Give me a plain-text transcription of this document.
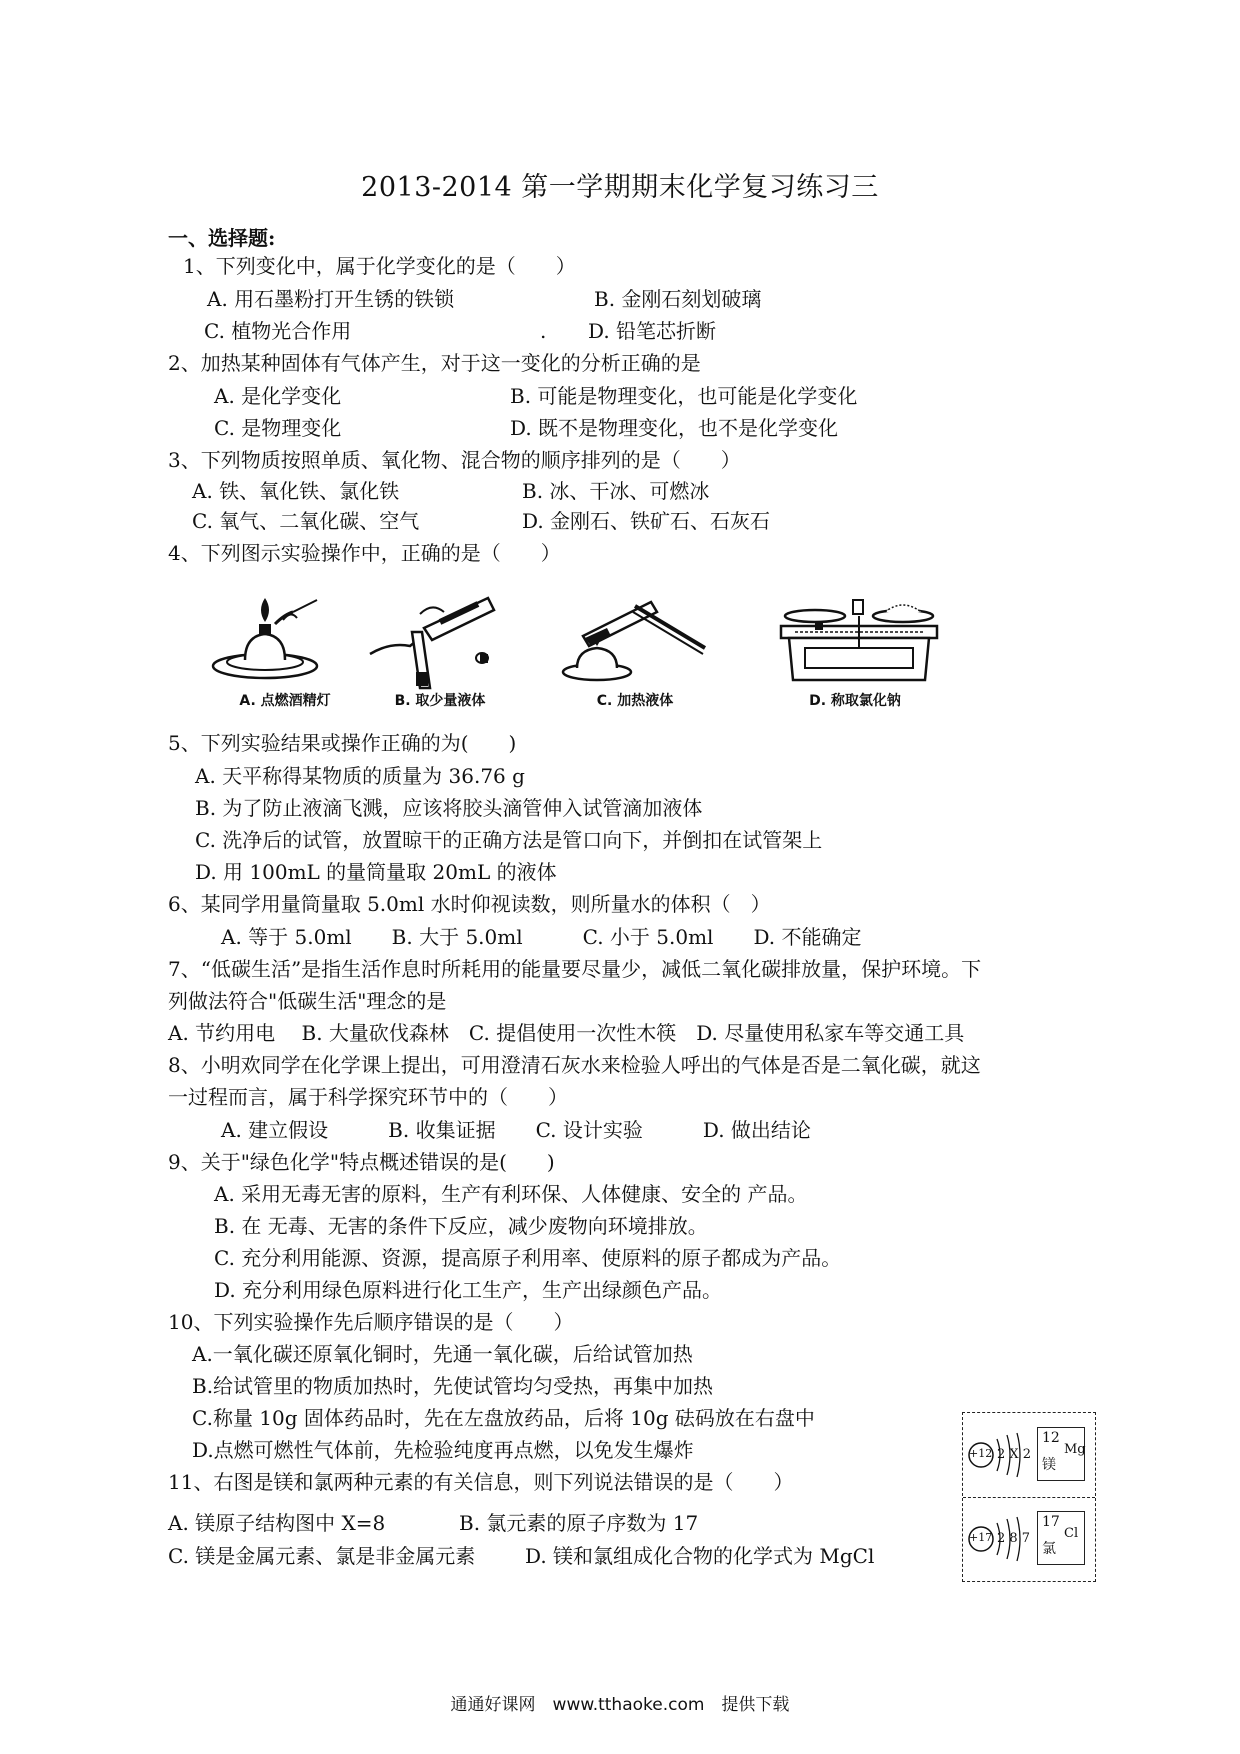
2013-2014 第一学期期末化学复习练习三
一、选择题:
1、下列变化中，属于化学变化的是（　　）
A. 用石墨粉打开生锈的铁锁	B. 金刚石刻划破璃
C. 植物光合作用	. D. 铅笔芯折断
2、加热某种固体有气体产生，对于这一变化的分析正确的是
A. 是化学变化	B. 可能是物理变化，也可能是化学变化
C. 是物理变化	D. 既不是物理变化，也不是化学变化
3、下列物质按照单质、氧化物、混合物的顺序排列的是（　　）
A. 铁、氧化铁、氯化铁	B. 冰、干冰、可燃冰
C. 氧气、二氧化碳、空气	D. 金刚石、铁矿石、石灰石
4、下列图示实验操作中，正确的是（　　）
A. 点燃酒精灯	B. 取少量液体	C. 加热液体	D. 称取氯化钠
5、下列实验结果或操作正确的为(　　)
A. 天平称得某物质的质量为 36.76 g
B. 为了防止液滴飞溅，应该将胶头滴管伸入试管滴加液体
C. 洗净后的试管，放置晾干的正确方法是管口向下，并倒扣在试管架上
D. 用 100mL 的量筒量取 20mL 的液体
6、某同学用量筒量取 5.0ml 水时仰视读数，则所量水的体积（　）
A. 等于 5.0ml　　B. 大于 5.0ml　　　C. 小于 5.0ml　　D. 不能确定
7、“低碳生活”是指生活作息时所耗用的能量要尽量少，减低二氧化碳排放量，保护环境。下
列做法符合"低碳生活"理念的是
A. 节约用电　 B. 大量砍伐森林　C. 提倡使用一次性木筷　D. 尽量使用私家车等交通工具
8、小明欢同学在化学课上提出，可用澄清石灰水来检验人呼出的气体是否是二氧化碳，就这
一过程而言，属于科学探究环节中的（　　）
A. 建立假设　　　B. 收集证据　　C. 设计实验　　　D. 做出结论
9、关于"绿色化学"特点概述错误的是(　　)
A. 采用无毒无害的原料，生产有利环保、人体健康、安全的 产品。
B. 在 无毒、无害的条件下反应，减少废物向环境排放。
C. 充分利用能源、资源，提高原子利用率、使原料的原子都成为产品。
D. 充分利用绿色原料进行化工生产，生产出绿颜色产品。
10、下列实验操作先后顺序错误的是（　　）
A.一氧化碳还原氧化铜时，先通一氧化碳，后给试管加热
B.给试管里的物质加热时，先使试管均匀受热，再集中加热
C.称量 10g 固体药品时，先在左盘放药品，后将 10g 砝码放在右盘中
D.点燃可燃性气体前，先检验纯度再点燃，以免发生爆炸
11、右图是镁和氯两种元素的有关信息，则下列说法错误的是（　　）
A. 镁原子结构图中 X=8	B. 氯元素的原子序数为 17
C. 镁是金属元素、氯是非金属元素 D. 镁和氯组成化合物的化学式为 MgCl
+12 2 X 2
12
镁
Mg
+17 2 8 7
17
氯
Cl
通通好课网　www.tthaoke.com　提供下载
